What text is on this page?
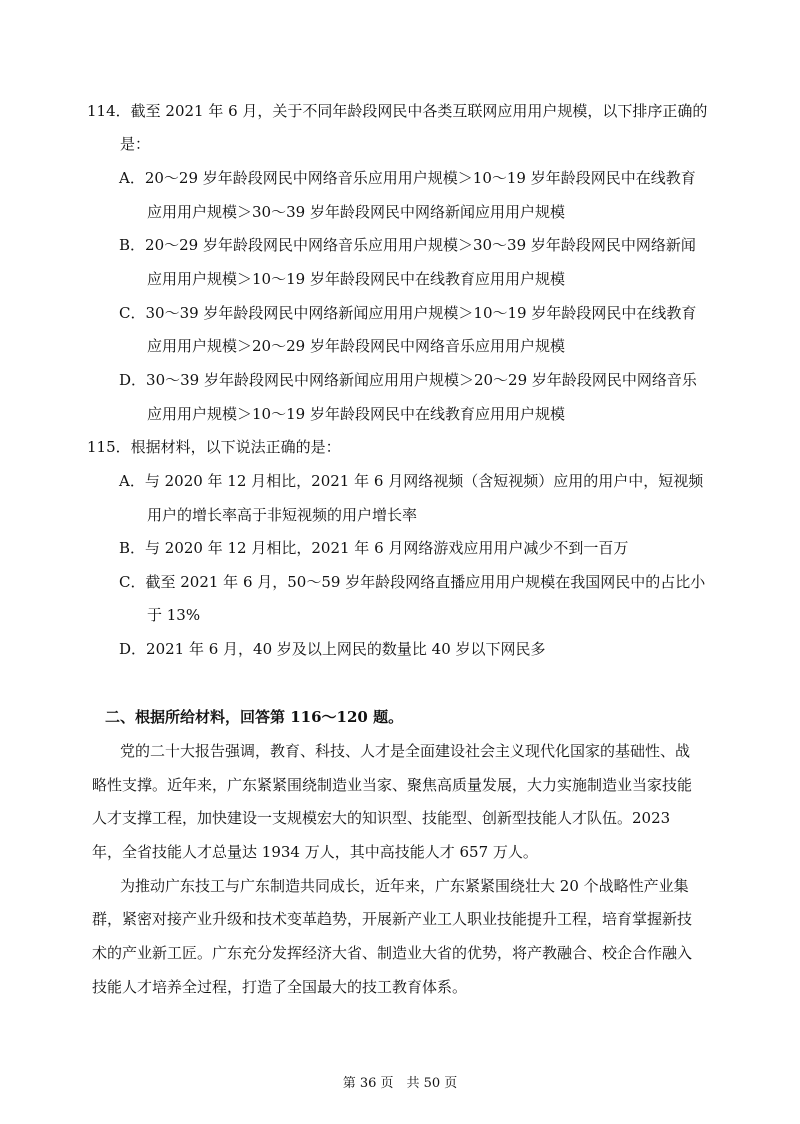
114．截至 2021 年 6 月，关于不同年龄段网民中各类互联网应用用户规模，以下排序正确的
是：
A．20～29 岁年龄段网民中网络音乐应用用户规模＞10～19 岁年龄段网民中在线教育
应用用户规模＞30～39 岁年龄段网民中网络新闻应用用户规模
B．20～29 岁年龄段网民中网络音乐应用用户规模＞30～39 岁年龄段网民中网络新闻
应用用户规模＞10～19 岁年龄段网民中在线教育应用用户规模
C．30～39 岁年龄段网民中网络新闻应用用户规模＞10～19 岁年龄段网民中在线教育
应用用户规模＞20～29 岁年龄段网民中网络音乐应用用户规模
D．30～39 岁年龄段网民中网络新闻应用用户规模＞20～29 岁年龄段网民中网络音乐
应用用户规模＞10～19 岁年龄段网民中在线教育应用用户规模
115．根据材料，以下说法正确的是：
A．与 2020 年 12 月相比，2021 年 6 月网络视频（含短视频）应用的用户中，短视频
用户的增长率高于非短视频的用户增长率
B．与 2020 年 12 月相比，2021 年 6 月网络游戏应用用户减少不到一百万
C．截至 2021 年 6 月，50～59 岁年龄段网络直播应用用户规模在我国网民中的占比小
于 13%
D．2021 年 6 月，40 岁及以上网民的数量比 40 岁以下网民多
二、根据所给材料，回答第 116～120 题。
党的二十大报告强调，教育、科技、人才是全面建设社会主义现代化国家的基础性、战
略性支撑。近年来，广东紧紧围绕制造业当家、聚焦高质量发展，大力实施制造业当家技能
人才支撑工程，加快建设一支规模宏大的知识型、技能型、创新型技能人才队伍。2023
年，全省技能人才总量达 1934 万人，其中高技能人才 657 万人。
为推动广东技工与广东制造共同成长，近年来，广东紧紧围绕壮大 20 个战略性产业集
群，紧密对接产业升级和技术变革趋势，开展新产业工人职业技能提升工程，培育掌握新技
术的产业新工匠。广东充分发挥经济大省、制造业大省的优势，将产教融合、校企合作融入
技能人才培养全过程，打造了全国最大的技工教育体系。
第 36 页　共 50 页
